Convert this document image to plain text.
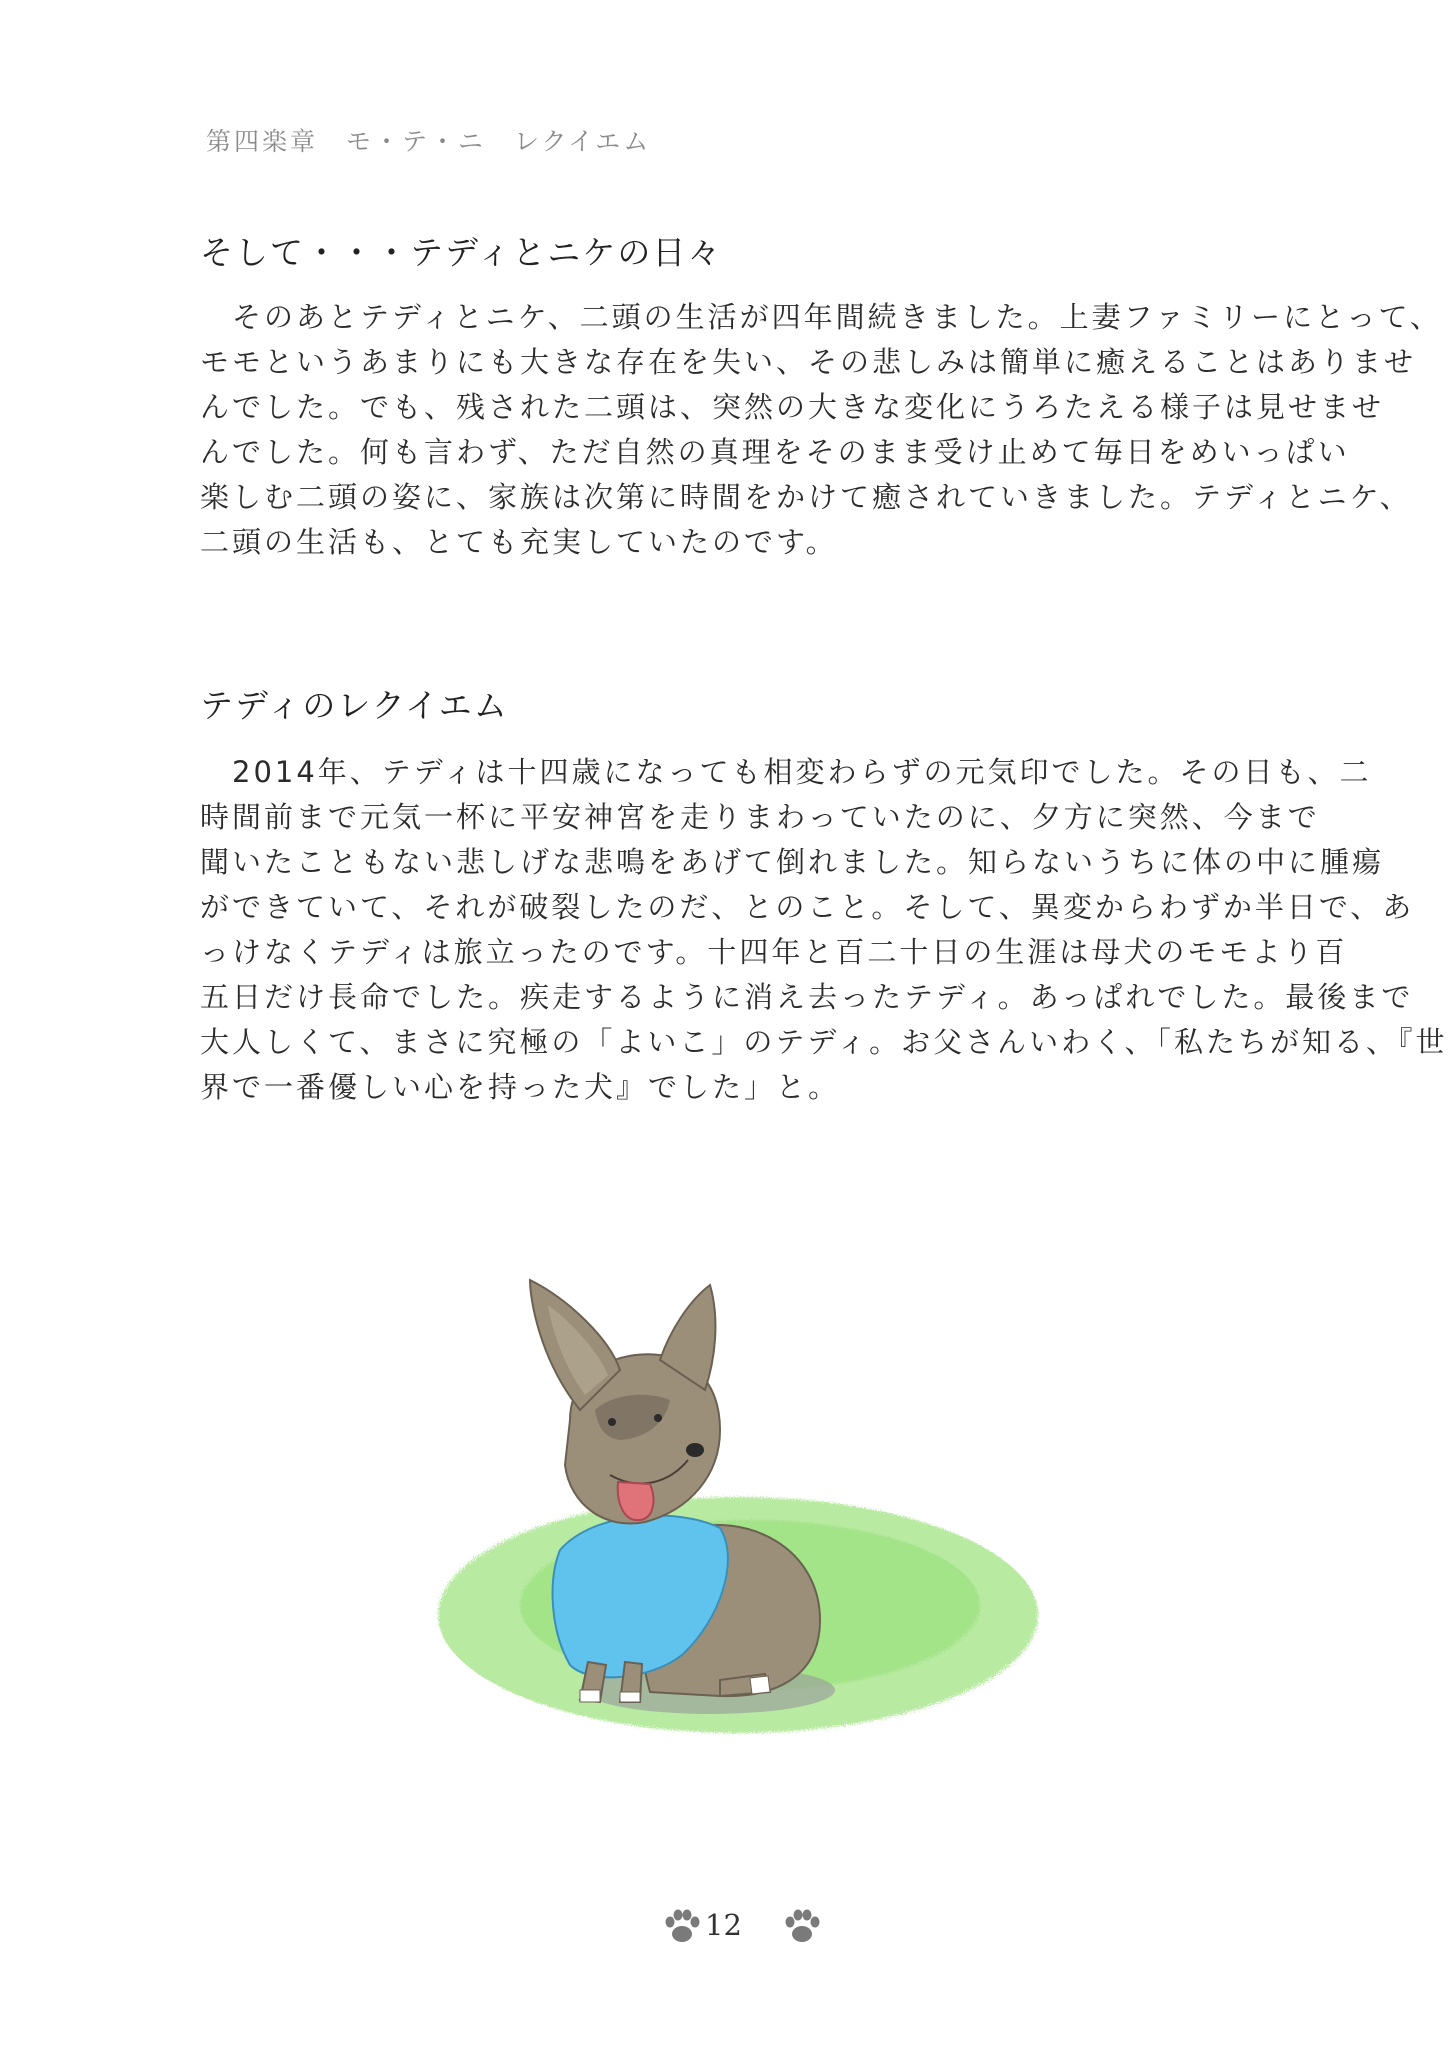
第四楽章　モ・テ・ニ　レクイエム
そして・・・テディとニケの日々
　そのあとテディとニケ、二頭の生活が四年間続きました。上妻ファミリーにとって、
モモというあまりにも大きな存在を失い、その悲しみは簡単に癒えることはありませ
んでした。でも、残された二頭は、突然の大きな変化にうろたえる様子は見せませ
んでした。何も言わず、ただ自然の真理をそのまま受け止めて毎日をめいっぱい
楽しむ二頭の姿に、家族は次第に時間をかけて癒されていきました。テディとニケ、
二頭の生活も、とても充実していたのです。
テディのレクイエム
　2014年、テディは十四歳になっても相変わらずの元気印でした。その日も、二
時間前まで元気一杯に平安神宮を走りまわっていたのに、夕方に突然、今まで
聞いたこともない悲しげな悲鳴をあげて倒れました。知らないうちに体の中に腫瘍
ができていて、それが破裂したのだ、とのこと。そして、異変からわずか半日で、あ
っけなくテディは旅立ったのです。十四年と百二十日の生涯は母犬のモモより百
五日だけ長命でした。疾走するように消え去ったテディ。あっぱれでした。最後まで
大人しくて、まさに究極の「よいこ」のテディ。お父さんいわく、「私たちが知る、『世
界で一番優しい心を持った犬』でした」と。
12
